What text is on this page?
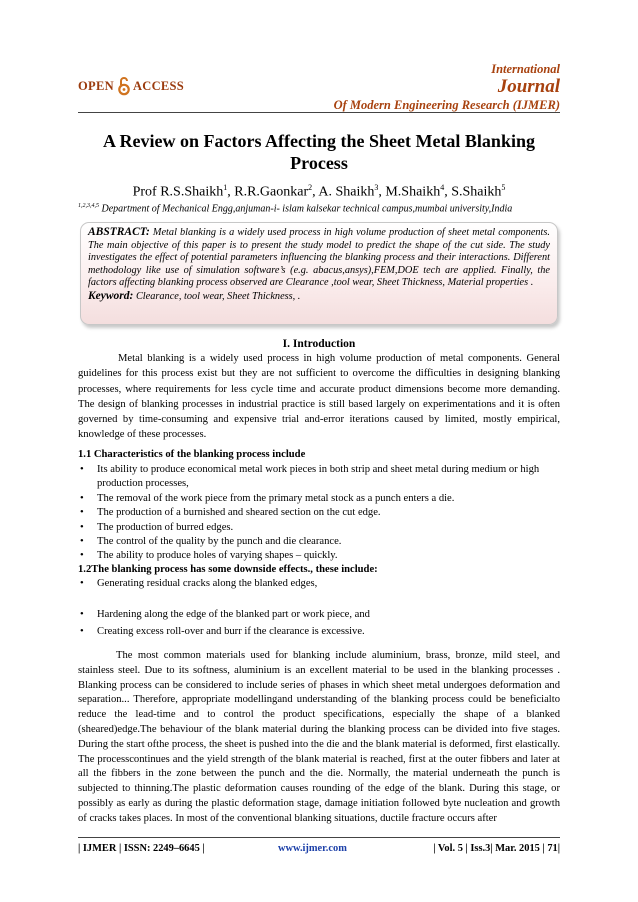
OPEN ACCESS
International
Journal
Of Modern Engineering Research (IJMER)
A Review on Factors Affecting the Sheet Metal Blanking Process
Prof R.S.Shaikh$^1$, R.R.Gaonkar$^2$, A. Shaikh$^3$, M.Shaikh$^4$, S.Shaikh$^5$
$^{1,2,3,4,5}$ Department of Mechanical Engg,anjuman-i- islam kalsekar technical campus,mumbai university,India
ABSTRACT: Metal blanking is a widely used process in high volume production of sheet metal components. The main objective of this paper is to present the study model to predict the shape of the cut side. The study investigates the effect of potential parameters influencing the blanking process and their interactions. Different methodology like use of simulation software’s (e.g. abacus,ansys),FEM,DOE tech are applied. Finally, the factors affecting blanking process observed are Clearance ,tool wear, Sheet Thickness, Material properties .
Keyword: Clearance, tool wear, Sheet Thickness, .
I. Introduction
Metal blanking is a widely used process in high volume production of metal components. General guidelines for this process exist but they are not sufficient to overcome the difficulties in designing blanking processes, where requirements for less cycle time and accurate product dimensions become more demanding. The design of blanking processes in industrial practice is still based largely on experimentations and it is often governed by time-consuming and expensive trial and-error iterations caused by limited, mostly empirical, knowledge of these processes.
1.1 Characteristics of the blanking process include
• Its ability to produce economical metal work pieces in both strip and sheet metal during medium or high production processes,
• The removal of the work piece from the primary metal stock as a punch enters a die.
• The production of a burnished and sheared section on the cut edge.
• The production of burred edges.
• The control of the quality by the punch and die clearance.
• The ability to produce holes of varying shapes – quickly.
1.2The blanking process has some downside effects., these include:
• Generating residual cracks along the blanked edges,
• Hardening along the edge of the blanked part or work piece, and
• Creating excess roll-over and burr if the clearance is excessive.
The most common materials used for blanking include aluminium, brass, bronze, mild steel, and stainless steel. Due to its softness, aluminium is an excellent material to be used in the blanking processes . Blanking process can be considered to include series of phases in which sheet metal undergoes deformation and separation... Therefore, appropriate modellingand understanding of the blanking process could be beneficialto reduce the lead-time and to control the product specifications, especially the shape of a blanked (sheared)edge.The behaviour of the blank material during the blanking process can be divided into five stages. During the start ofthe process, the sheet is pushed into the die and the blank material is deformed, first elastically. The processcontinues and the yield strength of the blank material is reached, first at the outer fibbers and later at all the fibbers in the zone between the punch and the die. Normally, the material underneath the punch is subjected to thinning.The plastic deformation causes rounding of the edge of the blank. During this stage, or possibly as early as during the plastic deformation stage, damage initiation followed byte nucleation and growth of cracks takes places. In most of the conventional blanking situations, ductile fracture occurs after
| IJMER | ISSN: 2249–6645 |	www.ijmer.com	| Vol. 5 | Iss.3| Mar. 2015 | 71|
